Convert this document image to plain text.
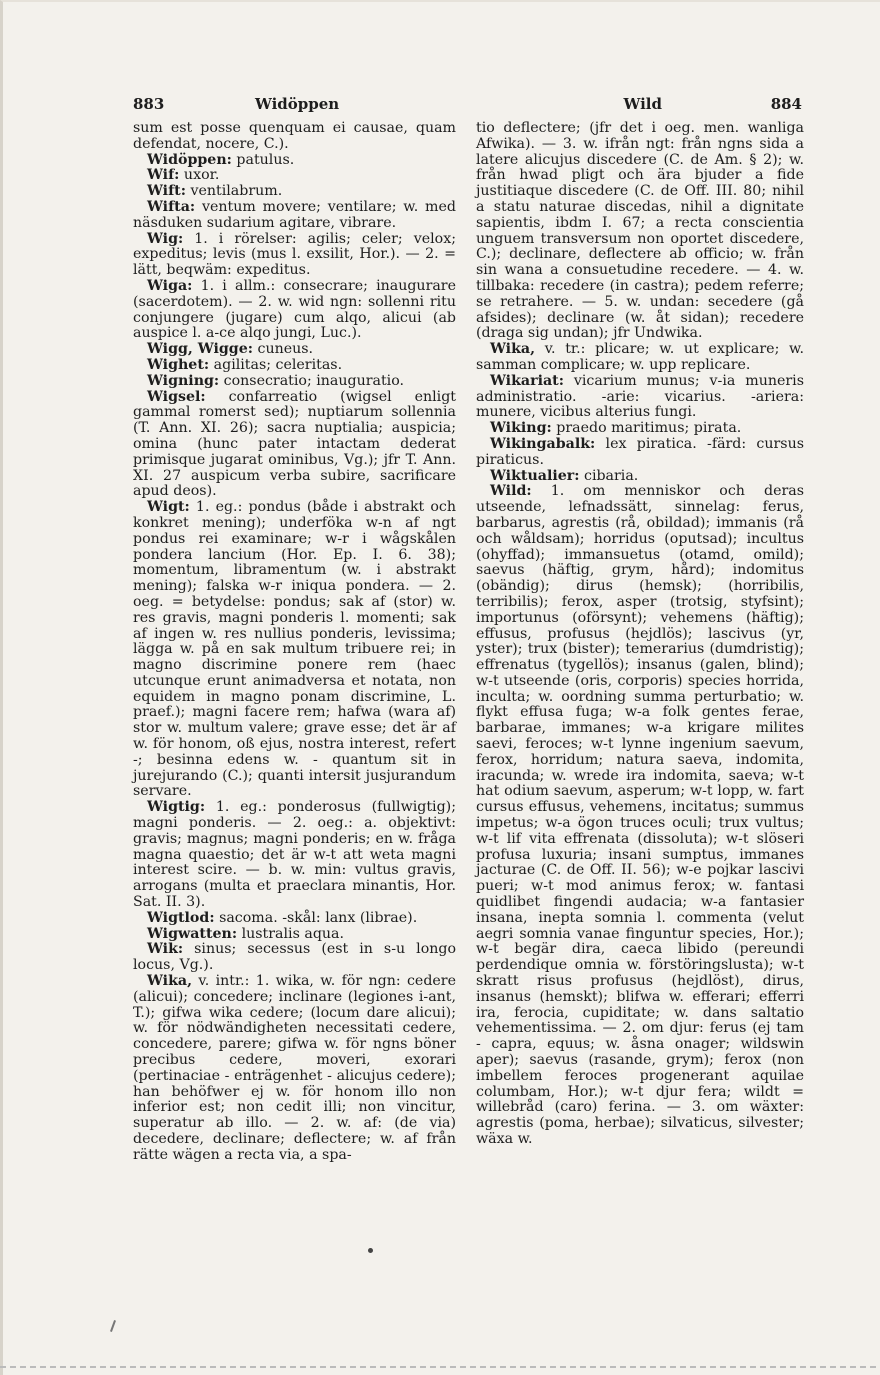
883	Widöppen	Wild	884

sum est posse quenquam ei causae, quam defendat, nocere, C.).

Widöppen: patulus.

Wif: uxor.

Wift: ventilabrum.

Wifta: ventum movere; ventilare; w. med näsduken sudarium agitare, vibrare.

Wig: 1. i rörelser: agilis; celer; velox; expeditus; levis (mus l. exsilit, Hor.). — 2. = lätt, beqwäm: expeditus.

Wiga: 1. i allm.: consecrare; inaugurare (sacerdotem). — 2. w. wid ngn: sollenni ritu conjungere (jugare) cum alqo, alicui (ab auspice l. a-ce alqo jungi, Luc.).

Wigg, Wigge: cuneus.

Wighet: agilitas; celeritas.

Wigning: consecratio; inauguratio.

Wigsel: confarreatio (wigsel enligt gammal romerst sed); nuptiarum sollennia (T. Ann. XI. 26); sacra nuptialia; auspicia; omina (hunc pater intactam dederat primisque jugarat ominibus, Vg.); jfr T. Ann. XI. 27 auspicum verba subire, sacrificare apud deos).

Wigt: 1. eg.: pondus (både i abstrakt och konkret mening); underföka w-n af ngt pondus rei examinare; w-r i wågskålen pondera lancium (Hor. Ep. I. 6. 38); momentum, libramentum (w. i abstrakt mening); falska w-r iniqua pondera. — 2. oeg. = betydelse: pondus; sak af (stor) w. res gravis, magni ponderis l. momenti; sak af ingen w. res nullius ponderis, levissima; lägga w. på en sak multum tribuere rei; in magno discrimine ponere rem (haec utcunque erunt animadversa et notata, non equidem in magno ponam discrimine, L. praef.); magni facere rem; hafwa (wara af) stor w. multum valere; grave esse; det är af w. för honom, oß ejus, nostra interest, refert -; besinna edens w. - quantum sit in jurejurando (C.); quanti intersit jusjurandum servare.

Wigtig: 1. eg.: ponderosus (fullwigtig); magni ponderis. — 2. oeg.: a. objektivt: gravis; magnus; magni ponderis; en w. fråga magna quaestio; det är w-t att weta magni interest scire. — b. w. min: vultus gravis, arrogans (multa et praeclara minantis, Hor. Sat. II. 3).

Wigtlod: sacoma. -skål: lanx (librae).

Wigwatten: lustralis aqua.

Wik: sinus; secessus (est in s-u longo locus, Vg.).

Wika, v. intr.: 1. wika, w. för ngn: cedere (alicui); concedere; inclinare (legiones i-ant, T.); gifwa wika cedere; (locum dare alicui); w. för nödwändigheten necessitati cedere, concedere, parere; gifwa w. för ngns böner precibus cedere, moveri, exorari (pertinaciae - enträgenhet - alicujus cedere); han behöfwer ej w. för honom illo non inferior est; non cedit illi; non vincitur, superatur ab illo. — 2. w. af: (de via) decedere, declinare; deflectere; w. af från rätte wägen a recta via, a spa-

tio deflectere; (jfr det i oeg. men. wanliga Afwika). — 3. w. ifrån ngt: från ngns sida a latere alicujus discedere (C. de Am. § 2); w. från hwad pligt och ära bjuder a fide justitiaque discedere (C. de Off. III. 80; nihil a statu naturae discedas, nihil a dignitate sapientis, ibdm I. 67; a recta conscientia unguem transversum non oportet discedere, C.); declinare, deflectere ab officio; w. från sin wana a consuetudine recedere. — 4. w. tillbaka: recedere (in castra); pedem referre; se retrahere. — 5. w. undan: secedere (gå afsides); declinare (w. åt sidan); recedere (draga sig undan); jfr Undwika.

Wika, v. tr.: plicare; w. ut explicare; w. samman complicare; w. upp replicare.

Wikariat: vicarium munus; v-ia muneris administratio. -arie: vicarius. -ariera: munere, vicibus alterius fungi.

Wiking: praedo maritimus; pirata.

Wikingabalk: lex piratica. -färd: cursus piraticus.

Wiktualier: cibaria.

Wild: 1. om menniskor och deras utseende, lefnadssätt, sinnelag: ferus, barbarus, agrestis (rå, obildad); immanis (rå och wåldsam); horridus (oputsad); incultus (ohyffad); immansuetus (otamd, omild); saevus (häftig, grym, hård); indomitus (obändig); dirus (hemsk); (horribilis, terribilis); ferox, asper (trotsig, styfsint); importunus (oförsynt); vehemens (häftig); effusus, profusus (hejdlös); lascivus (yr, yster); trux (bister); temerarius (dumdristig); effrenatus (tygellös); insanus (galen, blind); w-t utseende (oris, corporis) species horrida, inculta; w. oordning summa perturbatio; w. flykt effusa fuga; w-a folk gentes ferae, barbarae, immanes; w-a krigare milites saevi, feroces; w-t lynne ingenium saevum, ferox, horridum; natura saeva, indomita, iracunda; w. wrede ira indomita, saeva; w-t hat odium saevum, asperum; w-t lopp, w. fart cursus effusus, vehemens, incitatus; summus impetus; w-a ögon truces oculi; trux vultus; w-t lif vita effrenata (dissoluta); w-t slöseri profusa luxuria; insani sumptus, immanes jacturae (C. de Off. II. 56); w-e pojkar lascivi pueri; w-t mod animus ferox; w. fantasi quidlibet fingendi audacia; w-a fantasier insana, inepta somnia l. commenta (velut aegri somnia vanae finguntur species, Hor.); w-t begär dira, caeca libido (pereundi perdendique omnia w. förstöringslusta); w-t skratt risus profusus (hejdlöst), dirus, insanus (hemskt); blifwa w. efferari; efferri ira, ferocia, cupiditate; w. dans saltatio vehementissima. — 2. om djur: ferus (ej tam - capra, equus; w. åsna onager; wildswin aper); saevus (rasande, grym); ferox (non imbellem feroces progenerant aquilae columbam, Hor.); w-t djur fera; wildt = willebråd (caro) ferina. — 3. om wäxter: agrestis (poma, herbae); silvaticus, silvester; wäxa w.
